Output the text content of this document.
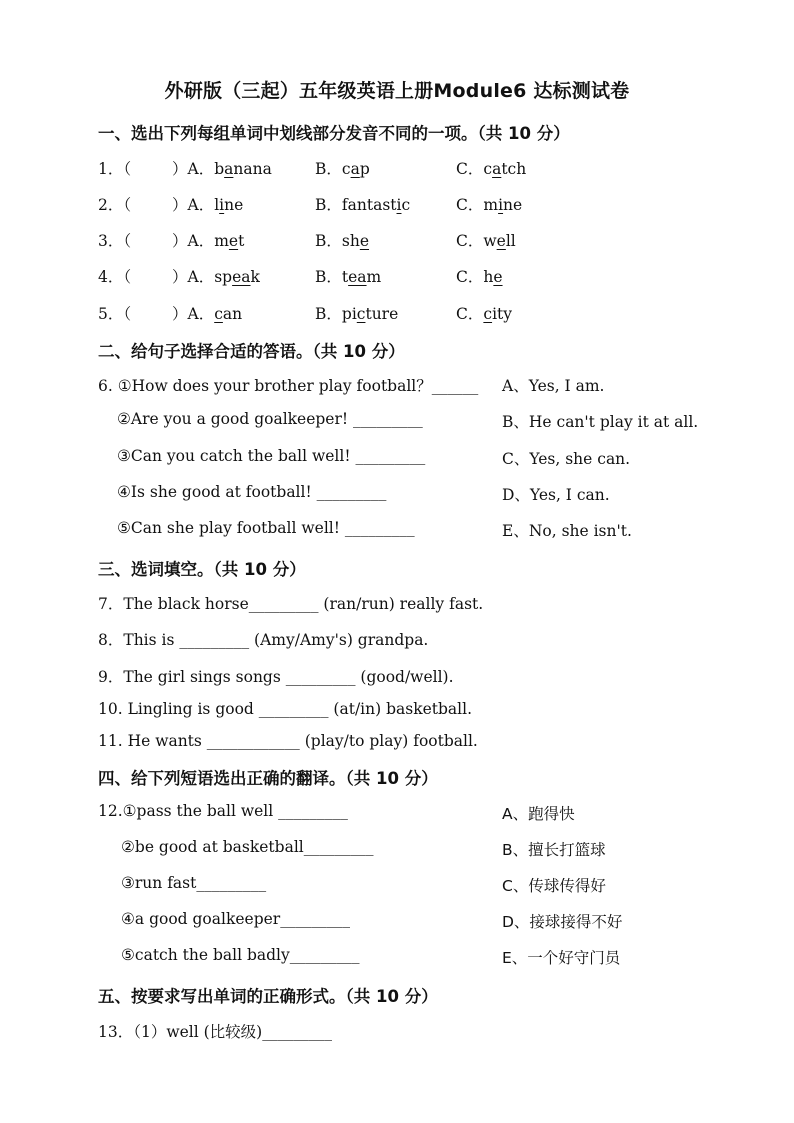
外研版（三起）五年级英语上册Module6 达标测试卷
一、选出下列每组单词中划线部分发音不同的一项。（共 10 分）
1．（	）A．banana	B．cap	C．catch
2．（	）A．line	B．fantastic	C．mine
3．（	）A．met	B．she	C．well
4．（	）A．speak	B．team	C．he
5．（	）A．can	B．picture	C．city
二、给句子选择合适的答语。（共 10 分）
6. ①How does your brother play football？______
②Are you a good goalkeeper! _________
③Can you catch the ball well! _________
④Is she good at football! _________
⑤Can she play football well! _________
A、Yes, I am.
B、He can't play it at all.
C、Yes, she can.
D、Yes, I can.
E、No, she isn't.
三、选词填空。（共 10 分）
7．The black horse_________ (ran/run) really fast.
8．This is _________ (Amy/Amy's) grandpa.
9．The girl sings songs _________ (good/well).
10. Lingling is good _________ (at/in) basketball.
11. He wants ____________ (play/to play) football.
四、给下列短语选出正确的翻译。（共 10 分）
12.①pass the ball well _________
②be good at basketball_________
③run fast_________
④a good goalkeeper_________
⑤catch the ball badly_________
A、跑得快
B、擅长打篮球
C、传球传得好
D、接球接得不好
E、一个好守门员
五、按要求写出单词的正确形式。（共 10 分）
13．（1）well (比较级)_________
